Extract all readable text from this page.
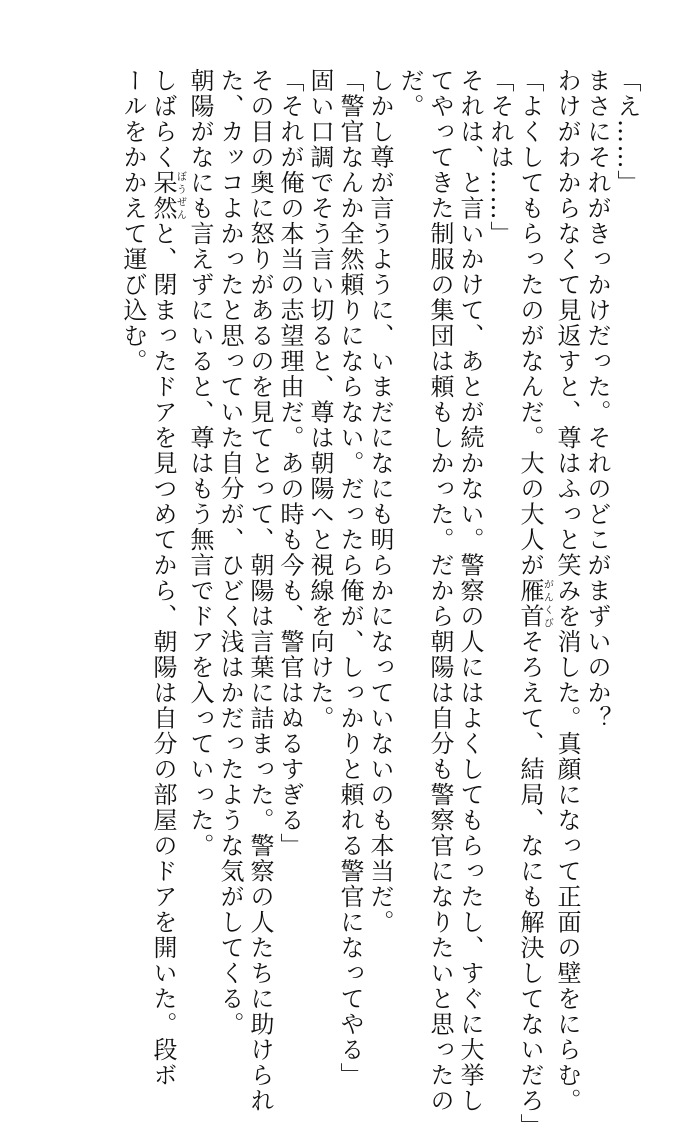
「え……」
まさにそれがきっかけだった。それのどこがまずいのか？
わけがわからなくて見返すと、尊はふっと笑みを消した。真顔になって正面の壁をにらむ。
「よくしてもらったのがなんだ。大の大人が雁首がんくびそろえて、結局、なにも解決してないだろ」
「それは……」
それは、と言いかけて、あとが続かない。警察の人にはよくしてもらったし、すぐに大挙し
てやってきた制服の集団は頼もしかった。だから朝陽は自分も警察官になりたいと思ったの
だ。
しかし尊が言うように、いまだになにも明らかになっていないのも本当だ。
「警官なんか全然頼りにならない。だったら俺が、しっかりと頼れる警官になってやる」
固い口調でそう言い切ると、尊は朝陽へと視線を向けた。
「それが俺の本当の志望理由だ。あの時も今も、警官はぬるすぎる」
その目の奥に怒りがあるのを見てとって、朝陽は言葉に詰まった。警察の人たちに助けられ
た、カッコよかったと思っていた自分が、ひどく浅はかだったような気がしてくる。
朝陽がなにも言えずにいると、尊はもう無言でドアを入っていった。
しばらく呆然ぼうぜんと、閉まったドアを見つめてから、朝陽は自分の部屋のドアを開いた。段ボ
ールをかかえて運び込む。
